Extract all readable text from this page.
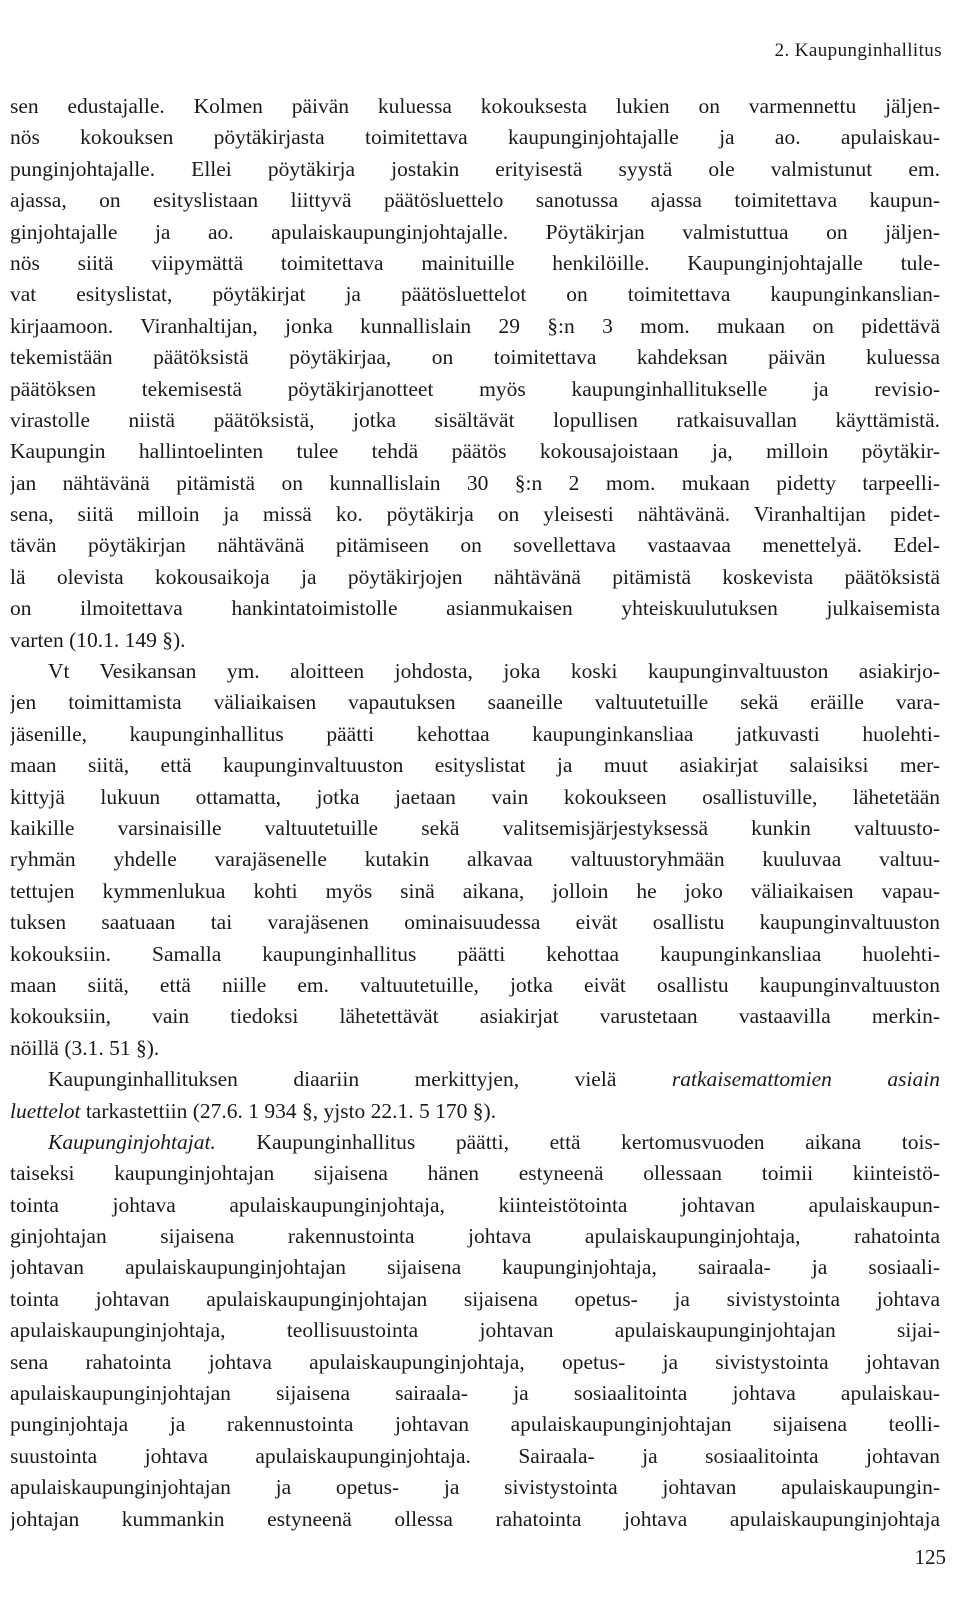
2. Kaupunginhallitus
sen edustajalle. Kolmen päivän kuluessa kokouksesta lukien on varmennettu jäljen-
nös kokouksen pöytäkirjasta toimitettava kaupunginjohtajalle ja ao. apulaiskau-
punginjohtajalle. Ellei pöytäkirja jostakin erityisestä syystä ole valmistunut em.
ajassa, on esityslistaan liittyvä päätösluettelo sanotussa ajassa toimitettava kaupun-
ginjohtajalle ja ao. apulaiskaupunginjohtajalle. Pöytäkirjan valmistuttua on jäljen-
nös siitä viipymättä toimitettava mainituille henkilöille. Kaupunginjohtajalle tule-
vat esityslistat, pöytäkirjat ja päätösluettelot on toimitettava kaupunginkanslian-
kirjaamoon. Viranhaltijan, jonka kunnallislain 29 §:n 3 mom. mukaan on pidettävä
tekemistään päätöksistä pöytäkirjaa, on toimitettava kahdeksan päivän kuluessa
päätöksen tekemisestä pöytäkirjanotteet myös kaupunginhallitukselle ja revisio-
virastolle niistä päätöksistä, jotka sisältävät lopullisen ratkaisuvallan käyttämistä.
Kaupungin hallintoelinten tulee tehdä päätös kokousajoistaan ja, milloin pöytäkir-
jan nähtävänä pitämistä on kunnallislain 30 §:n 2 mom. mukaan pidetty tarpeelli-
sena, siitä milloin ja missä ko. pöytäkirja on yleisesti nähtävänä. Viranhaltijan pidet-
tävän pöytäkirjan nähtävänä pitämiseen on sovellettava vastaavaa menettelyä. Edel-
lä olevista kokousaikoja ja pöytäkirjojen nähtävänä pitämistä koskevista päätöksistä
on ilmoitettava hankintatoimistolle asianmukaisen yhteiskuulutuksen julkaisemista
varten (10.1. 149 §).
Vt Vesikansan ym. aloitteen johdosta, joka koski kaupunginvaltuuston asiakirjo-
jen toimittamista väliaikaisen vapautuksen saaneille valtuutetuille sekä eräille vara-
jäsenille, kaupunginhallitus päätti kehottaa kaupunginkansliaa jatkuvasti huolehti-
maan siitä, että kaupunginvaltuuston esityslistat ja muut asiakirjat salaisiksi mer-
kittyjä lukuun ottamatta, jotka jaetaan vain kokoukseen osallistuville, lähetetään
kaikille varsinaisille valtuutetuille sekä valitsemisjärjestyksessä kunkin valtuusto-
ryhmän yhdelle varajäsenelle kutakin alkavaa valtuustoryhmään kuuluvaa valtuu-
tettujen kymmenlukua kohti myös sinä aikana, jolloin he joko väliaikaisen vapau-
tuksen saatuaan tai varajäsenen ominaisuudessa eivät osallistu kaupunginvaltuuston
kokouksiin. Samalla kaupunginhallitus päätti kehottaa kaupunginkansliaa huolehti-
maan siitä, että niille em. valtuutetuille, jotka eivät osallistu kaupunginvaltuuston
kokouksiin, vain tiedoksi lähetettävät asiakirjat varustetaan vastaavilla merkin-
nöillä (3.1. 51 §).
Kaupunginhallituksen diaariin merkittyjen, vielä ratkaisemattomien asiain
luettelot tarkastettiin (27.6. 1 934 §, yjsto 22.1. 5 170 §).
Kaupunginjohtajat. Kaupunginhallitus päätti, että kertomusvuoden aikana tois-
taiseksi kaupunginjohtajan sijaisena hänen estyneenä ollessaan toimii kiinteistö-
tointa johtava apulaiskaupunginjohtaja, kiinteistötointa johtavan apulaiskaupun-
ginjohtajan sijaisena rakennustointa johtava apulaiskaupunginjohtaja, rahatointa
johtavan apulaiskaupunginjohtajan sijaisena kaupunginjohtaja, sairaala- ja sosiaali-
tointa johtavan apulaiskaupunginjohtajan sijaisena opetus- ja sivistystointa johtava
apulaiskaupunginjohtaja, teollisuustointa johtavan apulaiskaupunginjohtajan sijai-
sena rahatointa johtava apulaiskaupunginjohtaja, opetus- ja sivistystointa johtavan
apulaiskaupunginjohtajan sijaisena sairaala- ja sosiaalitointa johtava apulaiskau-
punginjohtaja ja rakennustointa johtavan apulaiskaupunginjohtajan sijaisena teolli-
suustointa johtava apulaiskaupunginjohtaja. Sairaala- ja sosiaalitointa johtavan
apulaiskaupunginjohtajan ja opetus- ja sivistystointa johtavan apulaiskaupungin-
johtajan kummankin estyneenä ollessa rahatointa johtava apulaiskaupunginjohtaja
125
